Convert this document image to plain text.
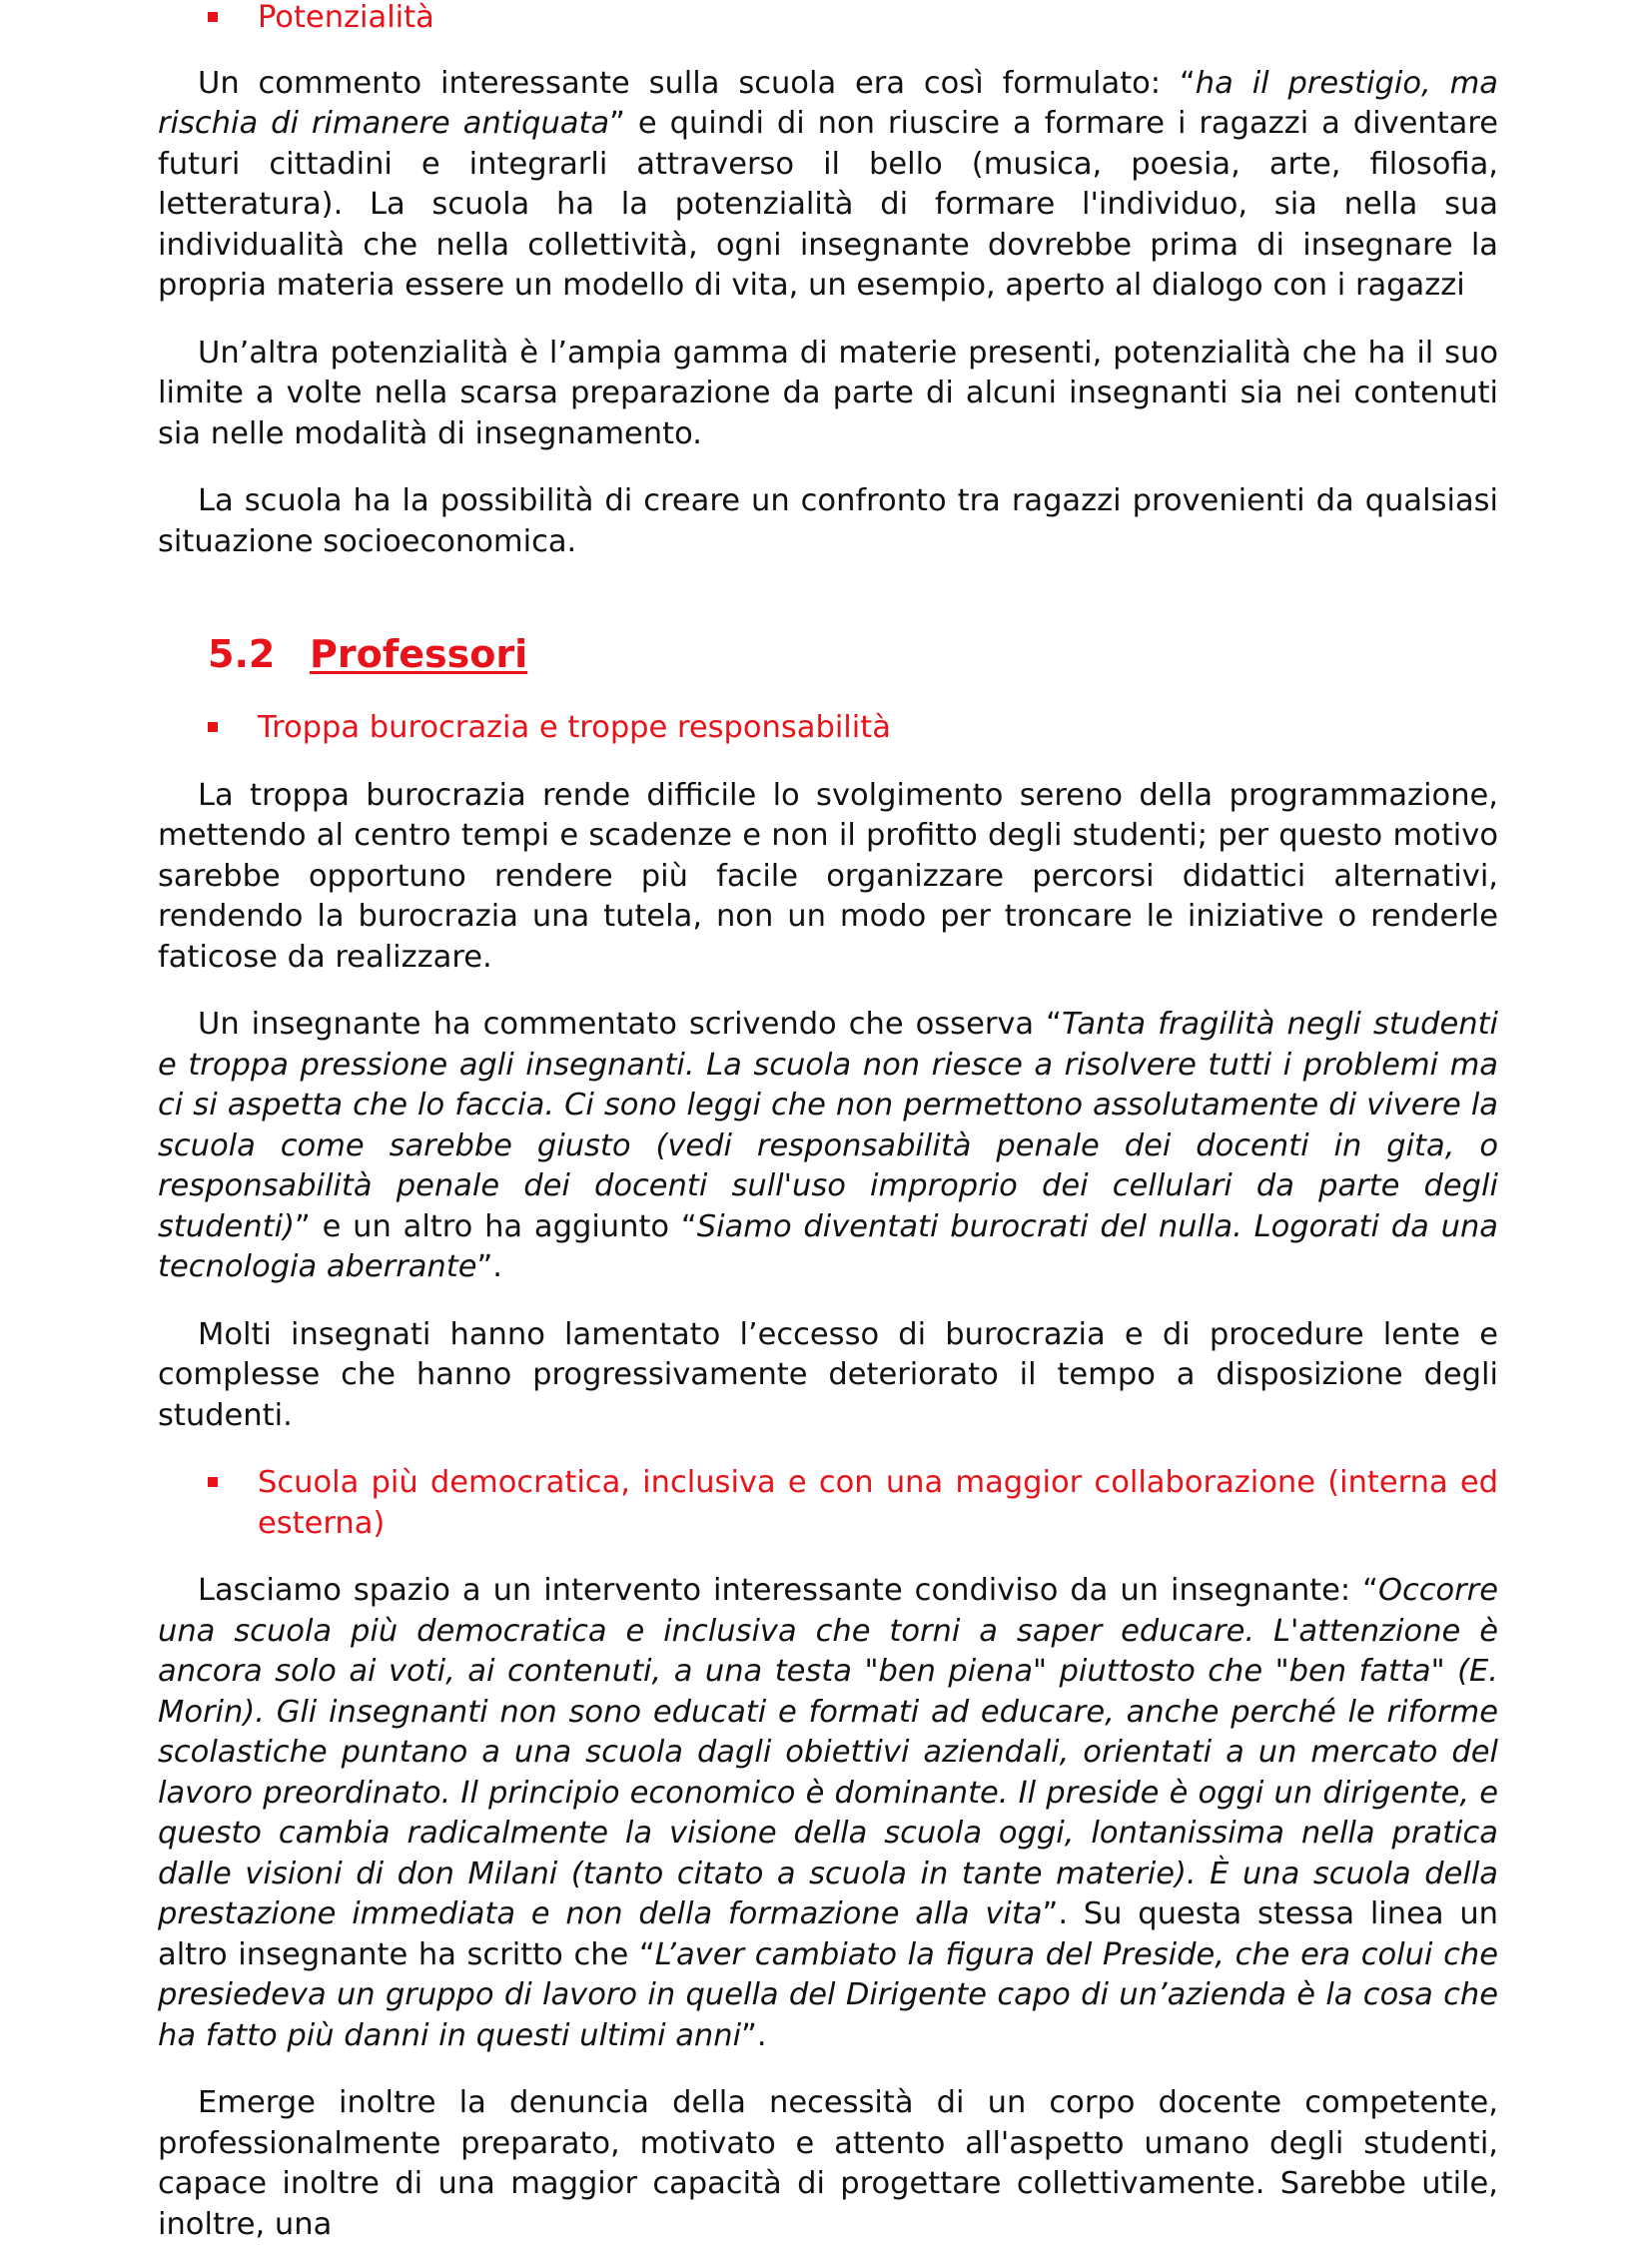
Potenzialità

Un commento interessante sulla scuola era così formulato: “ha il prestigio, ma rischia di rimanere antiquata” e quindi di non riuscire a formare i ragazzi a diventare futuri cittadini e integrarli attraverso il bello (musica, poesia, arte, filosofia, letteratura). La scuola ha la potenzialità di formare l'individuo, sia nella sua individualità che nella collettività, ogni insegnante dovrebbe prima di insegnare la propria materia essere un modello di vita, un esempio, aperto al dialogo con i ragazzi

Un’altra potenzialità è l’ampia gamma di materie presenti, potenzialità che ha il suo limite a volte nella scarsa preparazione da parte di alcuni insegnanti sia nei contenuti sia nelle modalità di insegnamento.

La scuola ha la possibilità di creare un confronto tra ragazzi provenienti da qualsiasi situazione socioeconomica.

5.2 Professori
Troppa burocrazia e troppe responsabilità

La troppa burocrazia rende difficile lo svolgimento sereno della programmazione, mettendo al centro tempi e scadenze e non il profitto degli studenti; per questo motivo sarebbe opportuno rendere più facile organizzare percorsi didattici alternativi, rendendo la burocrazia una tutela, non un modo per troncare le iniziative o renderle faticose da realizzare.

Un insegnante ha commentato scrivendo che osserva “Tanta fragilità negli studenti e troppa pressione agli insegnanti. La scuola non riesce a risolvere tutti i problemi ma ci si aspetta che lo faccia. Ci sono leggi che non permettono assolutamente di vivere la scuola come sarebbe giusto (vedi responsabilità penale dei docenti in gita, o responsabilità penale dei docenti sull'uso improprio dei cellulari da parte degli studenti)” e un altro ha aggiunto “Siamo diventati burocrati del nulla. Logorati da una tecnologia aberrante”.

Molti insegnati hanno lamentato l’eccesso di burocrazia e di procedure lente e complesse che hanno progressivamente deteriorato il tempo a disposizione degli studenti.

Scuola più democratica, inclusiva e con una maggior collaborazione (interna ed esterna)

Lasciamo spazio a un intervento interessante condiviso da un insegnante: “Occorre una scuola più democratica e inclusiva che torni a saper educare. L'attenzione è ancora solo ai voti, ai contenuti, a una testa "ben piena" piuttosto che "ben fatta" (E. Morin). Gli insegnanti non sono educati e formati ad educare, anche perché le riforme scolastiche puntano a una scuola dagli obiettivi aziendali, orientati a un mercato del lavoro preordinato. Il principio economico è dominante. Il preside è oggi un dirigente, e questo cambia radicalmente la visione della scuola oggi, lontanissima nella pratica dalle visioni di don Milani (tanto citato a scuola in tante materie). È una scuola della prestazione immediata e non della formazione alla vita”. Su questa stessa linea un altro insegnante ha scritto che “L’aver cambiato la figura del Preside, che era colui che presiedeva un gruppo di lavoro in quella del Dirigente capo di un’azienda è la cosa che ha fatto più danni in questi ultimi anni”.

Emerge inoltre la denuncia della necessità di un corpo docente competente, professionalmente preparato, motivato e attento all'aspetto umano degli studenti, capace inoltre di una maggior capacità di progettare collettivamente. Sarebbe utile, inoltre, una
